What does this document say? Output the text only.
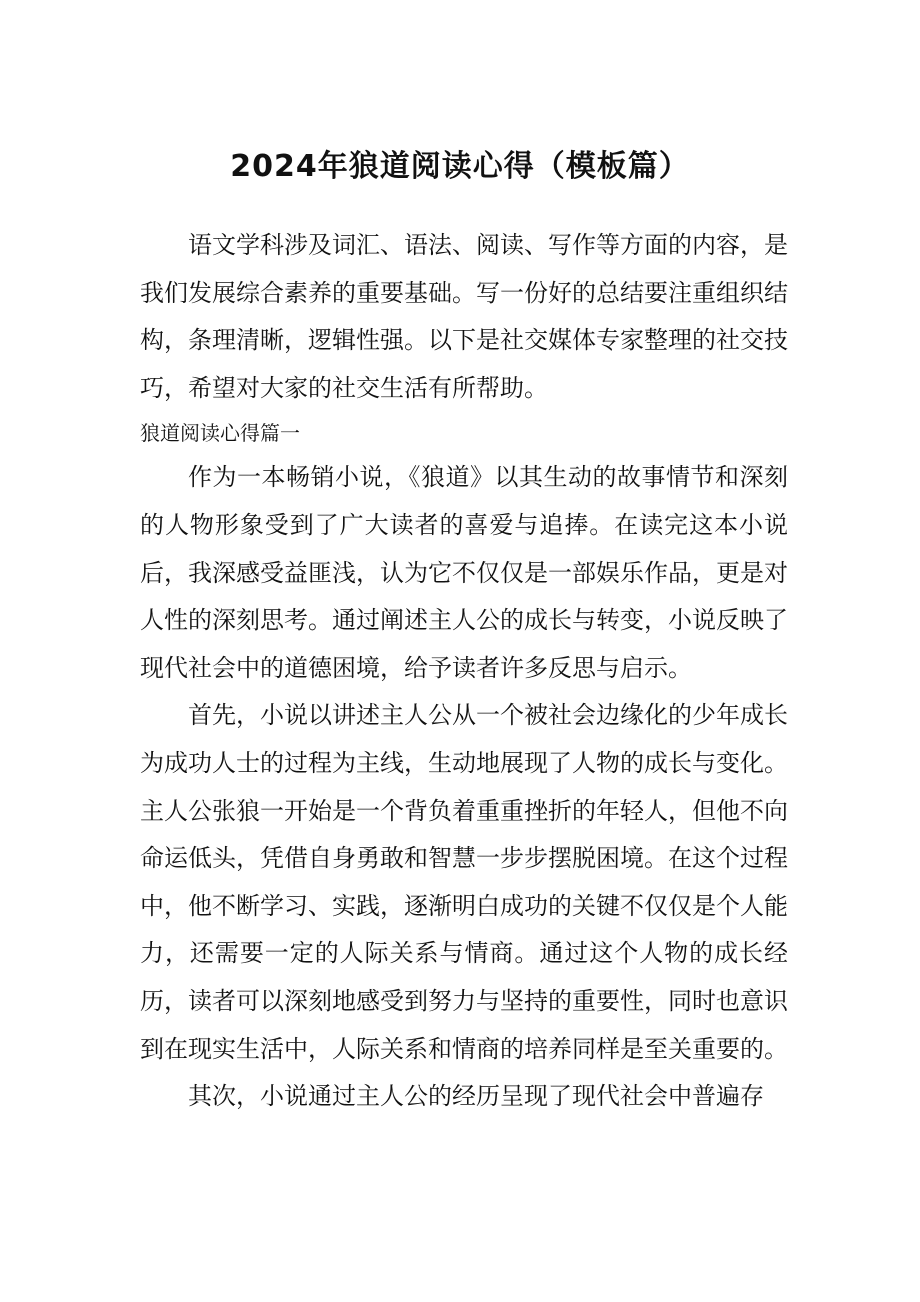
2024年狼道阅读心得（模板篇）

语文学科涉及词汇、语法、阅读、写作等方面的内容，是我们发展综合素养的重要基础。写一份好的总结要注重组织结构，条理清晰，逻辑性强。以下是社交媒体专家整理的社交技巧，希望对大家的社交生活有所帮助。

狼道阅读心得篇一

作为一本畅销小说，《狼道》以其生动的故事情节和深刻的人物形象受到了广大读者的喜爱与追捧。在读完这本小说后，我深感受益匪浅，认为它不仅仅是一部娱乐作品，更是对人性的深刻思考。通过阐述主人公的成长与转变，小说反映了现代社会中的道德困境，给予读者许多反思与启示。

首先，小说以讲述主人公从一个被社会边缘化的少年成长为成功人士的过程为主线，生动地展现了人物的成长与变化。主人公张狼一开始是一个背负着重重挫折的年轻人，但他不向命运低头，凭借自身勇敢和智慧一步步摆脱困境。在这个过程中，他不断学习、实践，逐渐明白成功的关键不仅仅是个人能力，还需要一定的人际关系与情商。通过这个人物的成长经历，读者可以深刻地感受到努力与坚持的重要性，同时也意识到在现实生活中，人际关系和情商的培养同样是至关重要的。

其次，小说通过主人公的经历呈现了现代社会中普遍存
